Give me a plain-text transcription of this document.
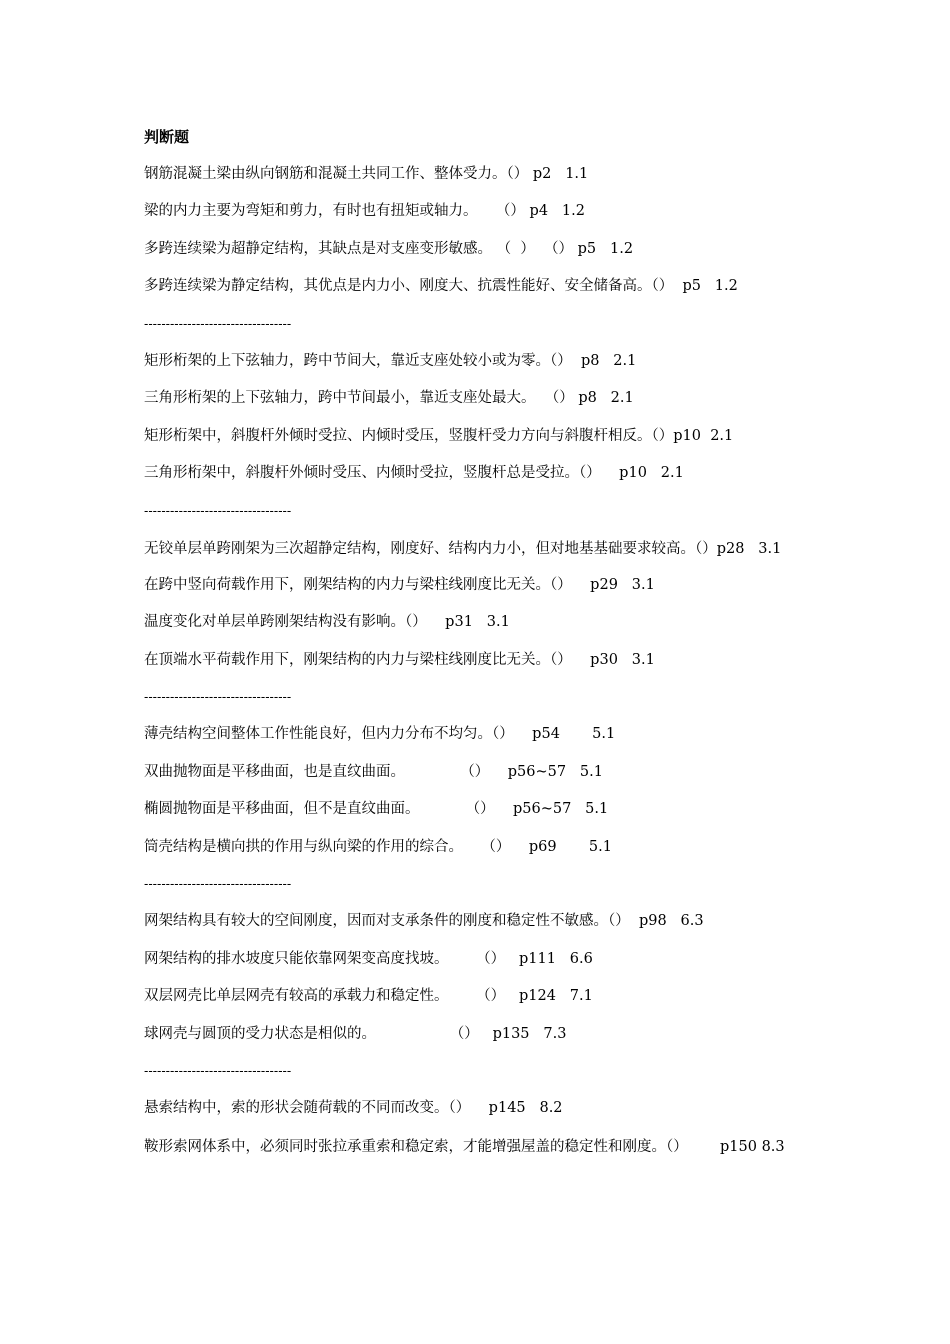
判断题
钢筋混凝土梁由纵向钢筋和混凝土共同工作、整体受力。（） p2   1.1
梁的内力主要为弯矩和剪力，有时也有扭矩或轴力。    （） p4   1.2
多跨连续梁为超静定结构，其缺点是对支座变形敏感。 （  ）  （） p5   1.2
多跨连续梁为静定结构，其优点是内力小、刚度大、抗震性能好、安全储备高。（）  p5   1.2
----------------------------------
矩形桁架的上下弦轴力，跨中节间大，靠近支座处较小或为零。（）  p8   2.1
三角形桁架的上下弦轴力，跨中节间最小，靠近支座处最大。  （） p8   2.1
矩形桁架中，斜腹杆外倾时受拉、内倾时受压，竖腹杆受力方向与斜腹杆相反。（）p10  2.1
三角形桁架中，斜腹杆外倾时受压、内倾时受拉，竖腹杆总是受拉。（）    p10   2.1
----------------------------------
无铰单层单跨刚架为三次超静定结构，刚度好、结构内力小，但对地基基础要求较高。（）p28   3.1
在跨中竖向荷载作用下，刚架结构的内力与梁柱线刚度比无关。（）    p29   3.1
温度变化对单层单跨刚架结构没有影响。（）    p31   3.1
在顶端水平荷载作用下，刚架结构的内力与梁柱线刚度比无关。（）    p30   3.1
----------------------------------
薄壳结构空间整体工作性能良好，但内力分布不均匀。（）    p54       5.1
双曲抛物面是平移曲面，也是直纹曲面。            （）    p56~57   5.1
椭圆抛物面是平移曲面，但不是直纹曲面。          （）    p56~57   5.1
筒壳结构是横向拱的作用与纵向梁的作用的综合。    （）    p69       5.1
----------------------------------
网架结构具有较大的空间刚度，因而对支承条件的刚度和稳定性不敏感。（）  p98   6.3
网架结构的排水坡度只能依靠网架变高度找坡。      （）   p111   6.6
双层网壳比单层网壳有较高的承载力和稳定性。      （）   p124   7.1
球网壳与圆顶的受力状态是相似的。                （）   p135   7.3
----------------------------------
悬索结构中，索的形状会随荷载的不同而改变。（）    p145   8.2
鞍形索网体系中，必须同时张拉承重索和稳定索，才能增强屋盖的稳定性和刚度。（）       p150 8.3
